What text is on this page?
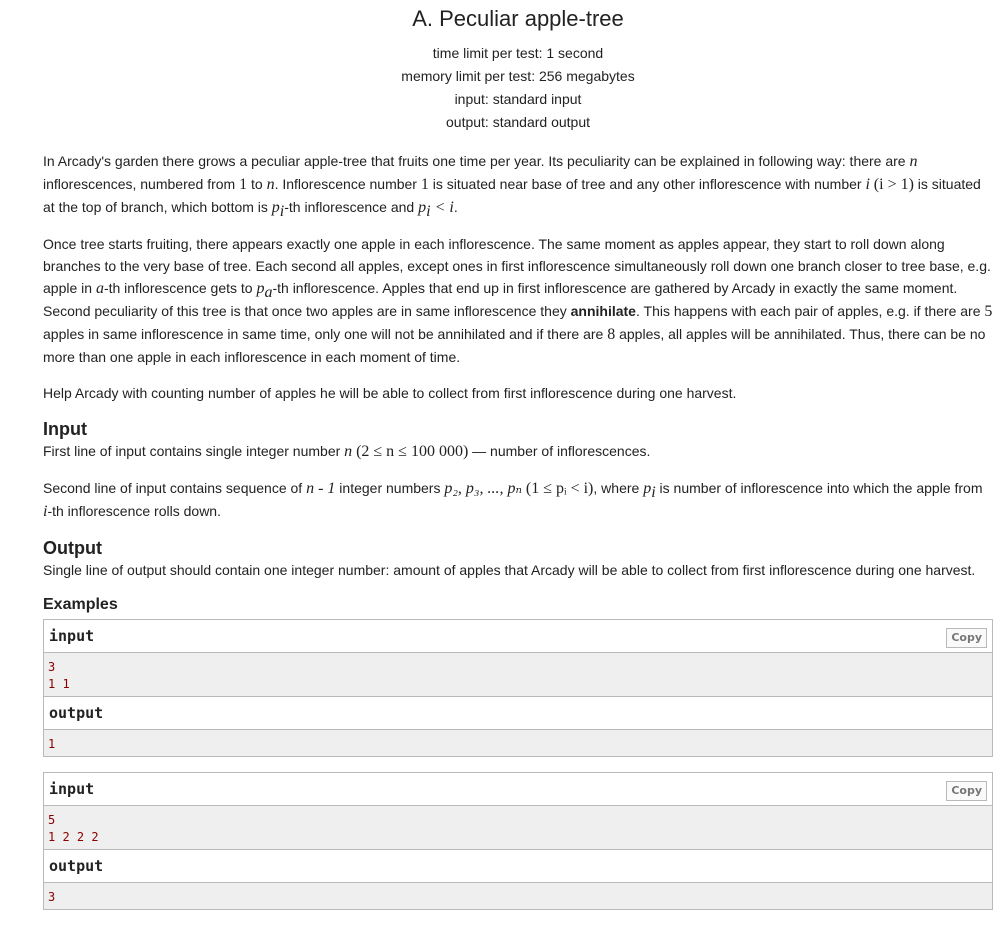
A. Peculiar apple-tree
time limit per test: 1 second
memory limit per test: 256 megabytes
input: standard input
output: standard output

In Arcady's garden there grows a peculiar apple-tree that fruits one time per year. Its peculiarity can be explained in following way: there are n inflorescences, numbered from 1 to n. Inflorescence number 1 is situated near base of tree and any other inflorescence with number i (i > 1) is situated at the top of branch, which bottom is $p_i-th$ inflorescence and $p_i < i$.

Once tree starts fruiting, there appears exactly one apple in each inflorescence. The same moment as apples appear, they start to roll down along branches to the very base of tree. Each second all apples, except ones in first inflorescence simultaneously roll down one branch closer to tree base, e.g. apple in a-th inflorescence gets to $p_a-th$ inflorescence. Apples that end up in first inflorescence are gathered by Arcady in exactly the same moment. Second peculiarity of this tree is that once two apples are in same inflorescence they annihilate. This happens with each pair of apples, e.g. if there are 5 apples in same inflorescence in same time, only one will not be annihilated and if there are 8 apples, all apples will be annihilated. Thus, there can be no more than one apple in each inflorescence in each moment of time.

Help Arcady with counting number of apples he will be able to collect from first inflorescence during one harvest.

Input

First line of input contains single integer number n (2 ≤ n ≤ 100 000) — number of inflorescences.

Second line of input contains sequence of n - 1 integer numbers p₂, p₃, ..., pₙ (1 ≤ pᵢ < i), where $p_i$ is number of inflorescence into which the apple from i-th inflorescence rolls down.

Output

Single line of output should contain one integer number: amount of apples that Arcady will be able to collect from first inflorescence during one harvest.

Examples
input	Copy
3
1 1
output
1
input	Copy
5
1 2 2 2
output
3
